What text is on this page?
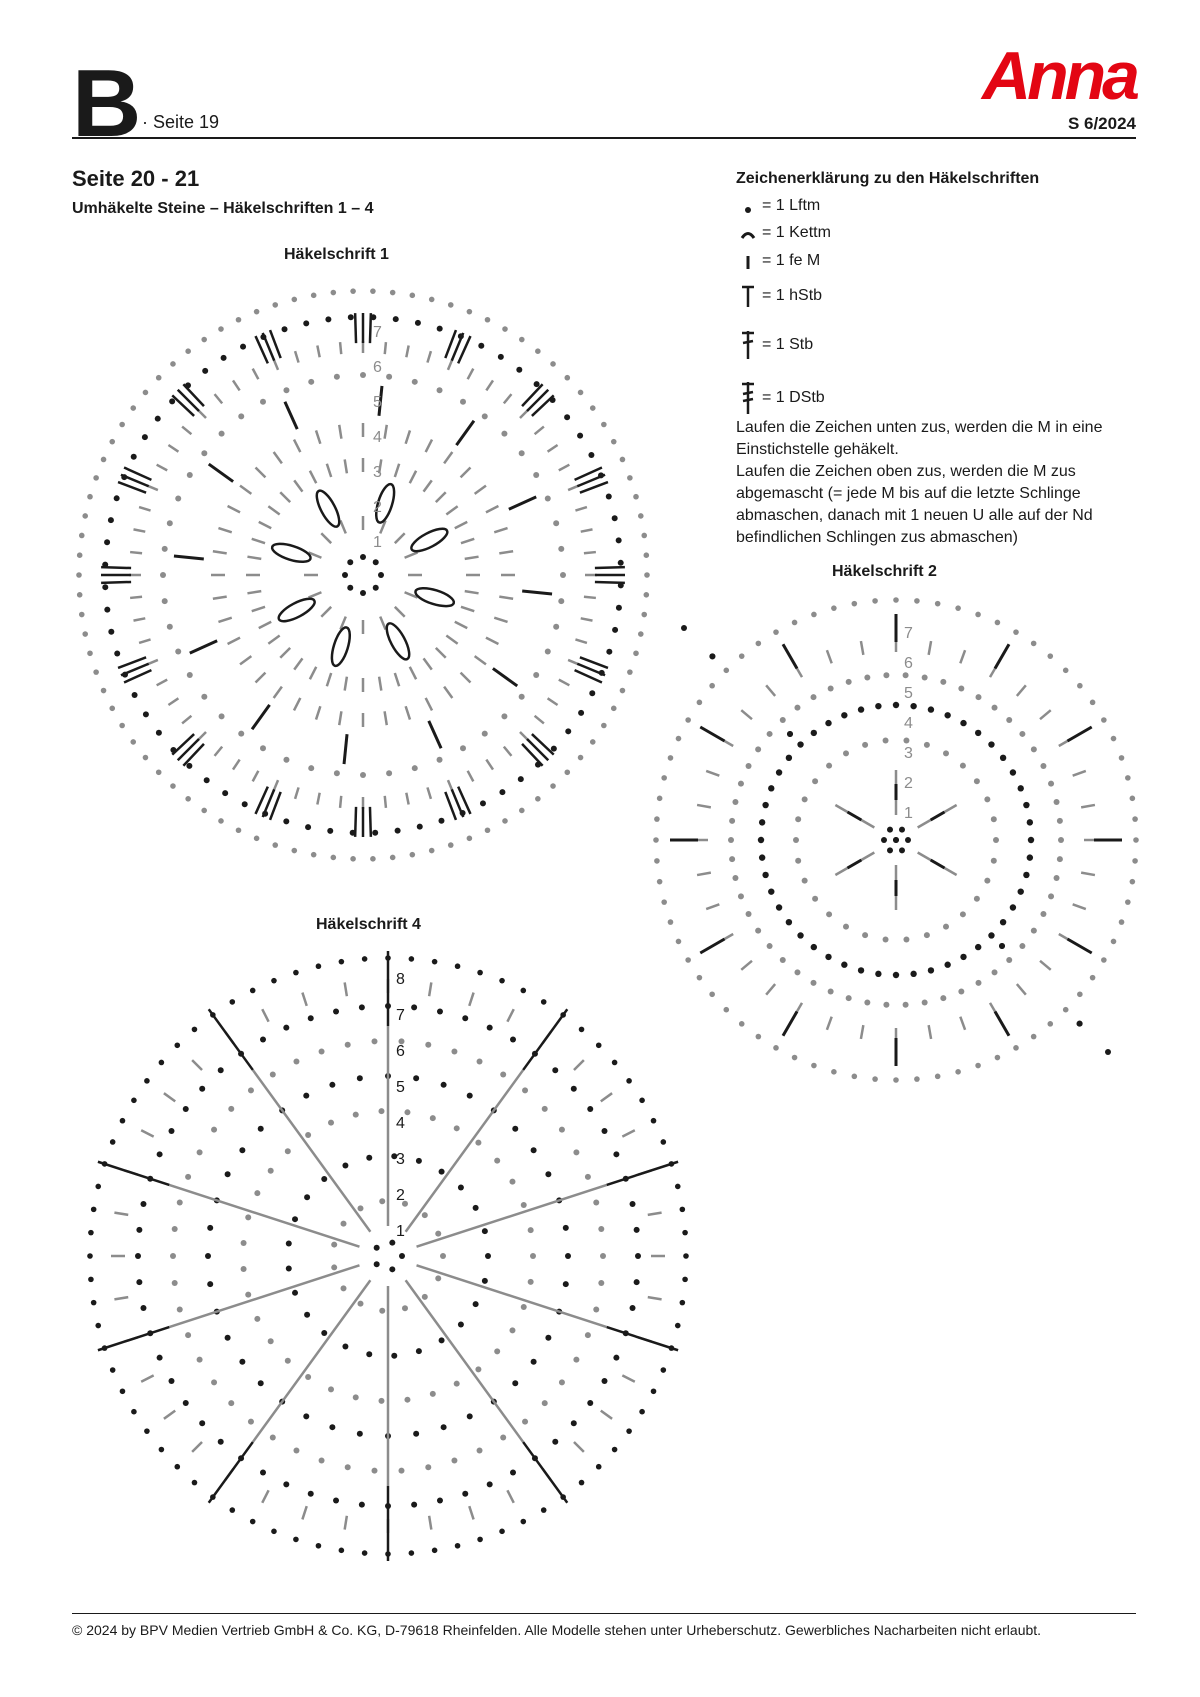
B · Seite 19
Anna
S 6/2024
Seite 20 - 21
Umhäkelte Steine – Häkelschriften 1 – 4
Häkelschrift 1
Häkelschrift 2
Häkelschrift 4
Zeichenerklärung zu den Häkelschriften
= 1 Lftm
= 1 Kettm
= 1 fe M
= 1 hStb
= 1 Stb
= 1 DStb

Laufen die Zeichen unten zus, werden die M in eine Einstichstelle gehäkelt.

Laufen die Zeichen oben zus, werden die M zus abgemascht (= jede M bis auf die letzte Schlinge abmaschen, danach mit 1 neuen U alle auf der Nd befindlichen Schlingen zus abmaschen)

1
2
3
4
5
6
7
1
2
3
4
5
6
7
1
2
3
4
5
6
7
8
© 2024 by BPV Medien Vertrieb GmbH & Co. KG, D-79618 Rheinfelden. Alle Modelle stehen unter Urheberschutz. Gewerbliches Nacharbeiten nicht erlaubt.
